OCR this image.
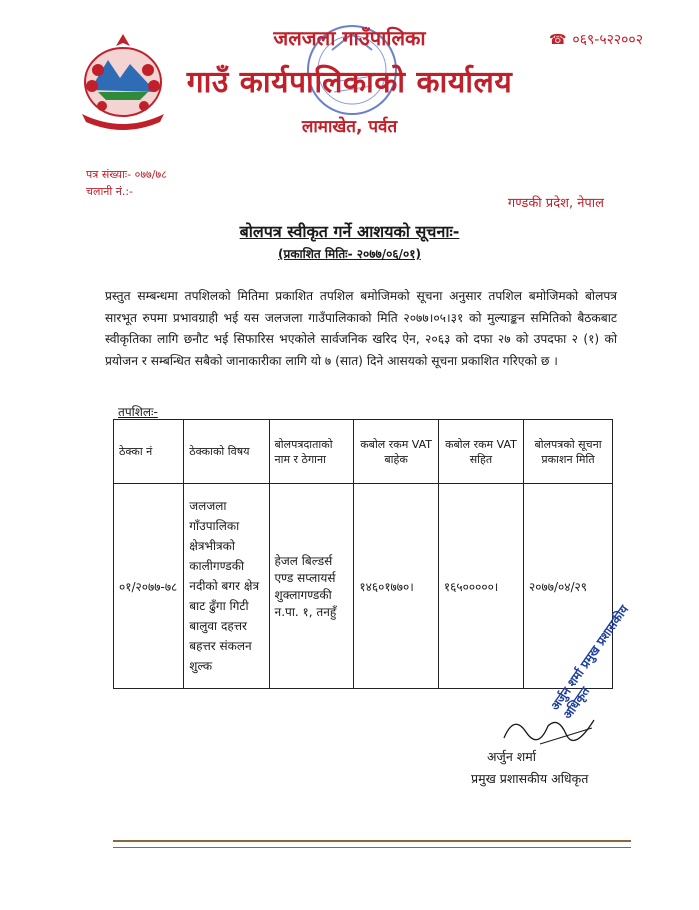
जलजला गाउँपालिका
गाउँ कार्यपालिकाको कार्यालय
लामाखेत, पर्वत
☎ ०६९-५२२००२
पत्र संख्याः- ०७७/७८
चलानी नं.:-
गण्डकी प्रदेश, नेपाल
बोलपत्र स्वीकृत गर्ने आशयको सूचनाः-
(प्रकाशित मितिः- २०७७/०६/०१)
प्रस्तुत सम्बन्धमा तपशिलको मितिमा प्रकाशित तपशिल बमोजिमको सूचना अनुसार तपशिल बमोजिमको बोलपत्र सारभूत रुपमा प्रभावग्राही भई यस जलजला गाउँपालिकाको मिति २०७७।०५।३१ को मुल्याङ्कन समितिको बैठकबाट स्वीकृतिका लागि छनौट भई सिफारिस भएकोले सार्वजनिक खरिद ऐन, २०६३ को दफा २७ को उपदफा २ (१) को प्रयोजन र सम्बन्धित सबैको जानाकारीका लागि यो ७ (सात) दिने आसयको सूचना प्रकाशित गरिएको छ ।
तपशिलः-
ठेक्का नं	ठेक्काको विषय	बोलपत्रदाताको नाम र ठेगाना	कबोल रकम VAT बाहेक	कबोल रकम VAT सहित	बोलपत्रको सूचना प्रकाशन मिति
०१/२०७७-७८	जलजला गाँउपालिका क्षेत्रभीत्रको कालीगण्डकी नदीको बगर क्षेत्र बाट ढुँगा गिटी बालुवा दहत्तर बहत्तर संकलन शुल्क	हेजल बिल्डर्स एण्ड सप्लायर्स शुक्लागण्डकी न.पा. १, तनहुँ	१४६०१७७०।	१६५०००००।	२०७७/०४/२९
अर्जुन शर्मा प्रमुख प्रशासकीय अधिकृत
अर्जुन शर्मा
प्रमुख प्रशासकीय अधिकृत
